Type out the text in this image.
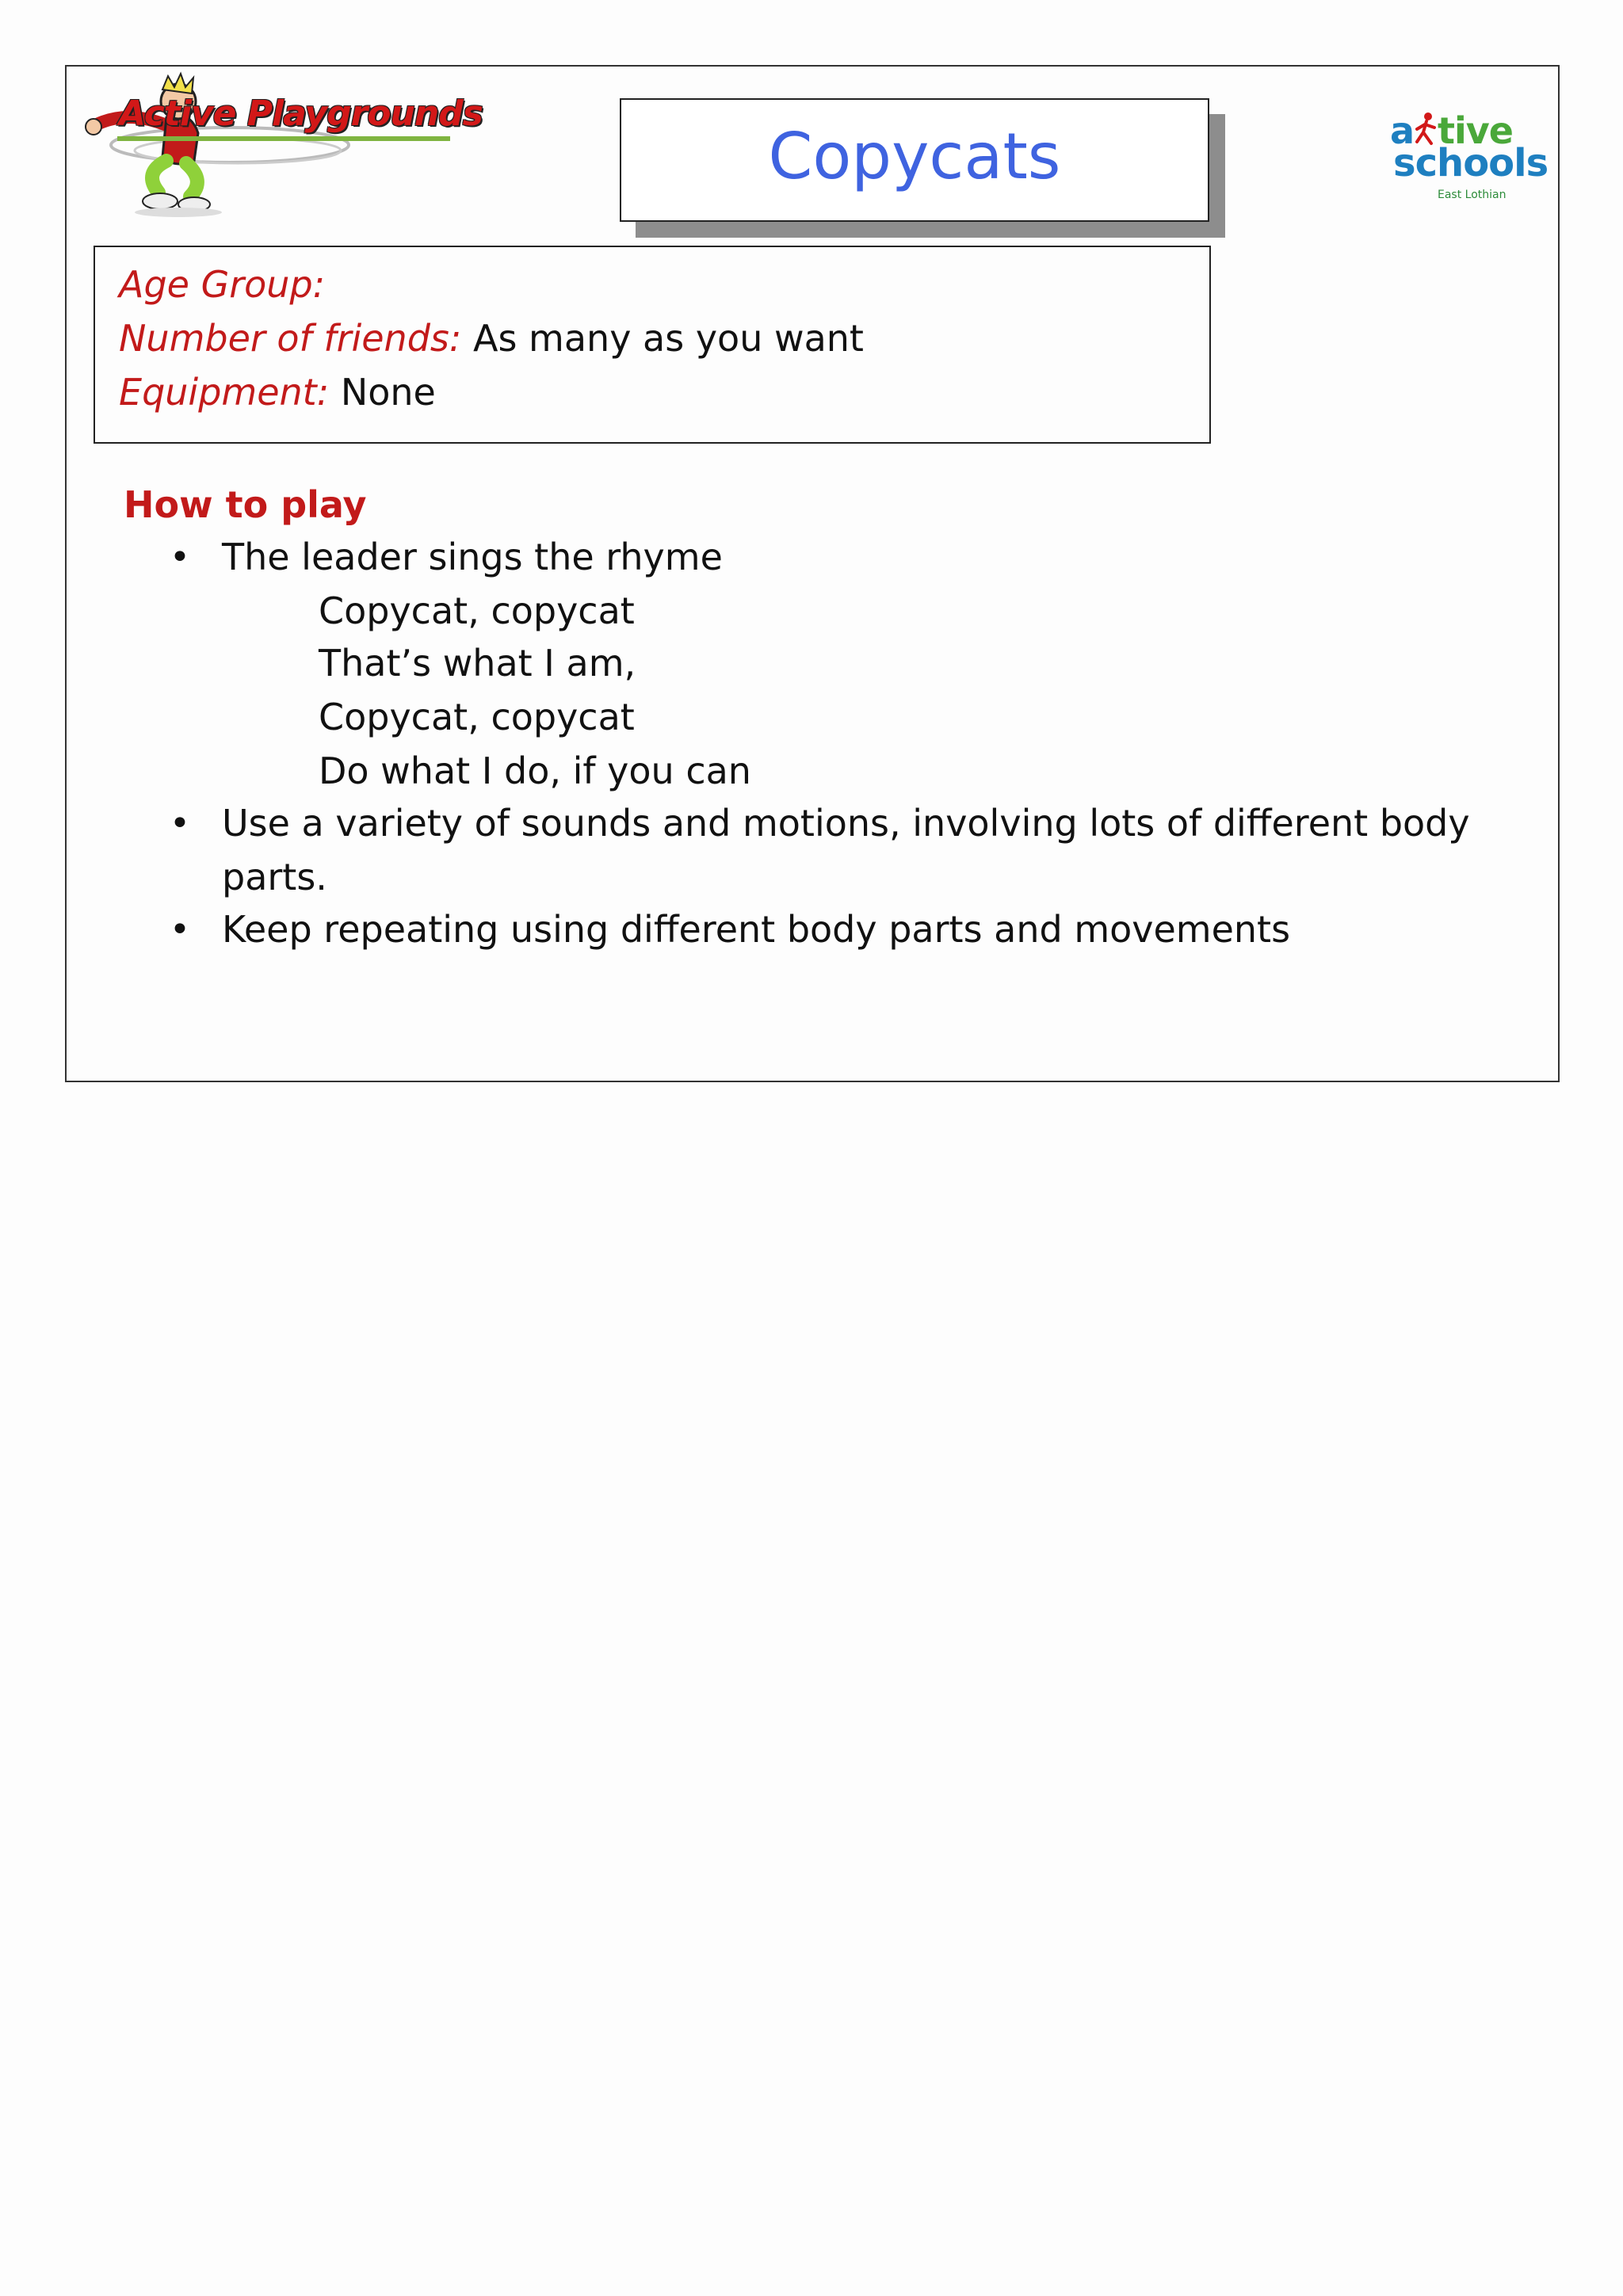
Active Playgrounds
Copycats	a tive
schools
East Lothian
Age Group:
Number of friends: As many as you want
Equipment: None
How to play
• The leader sings the rhyme
Copycat, copycat
That’s what I am,
Copycat, copycat
Do what I do, if you can
• Use a variety of sounds and motions, involving lots of different body
parts.
• Keep repeating using different body parts and movements
